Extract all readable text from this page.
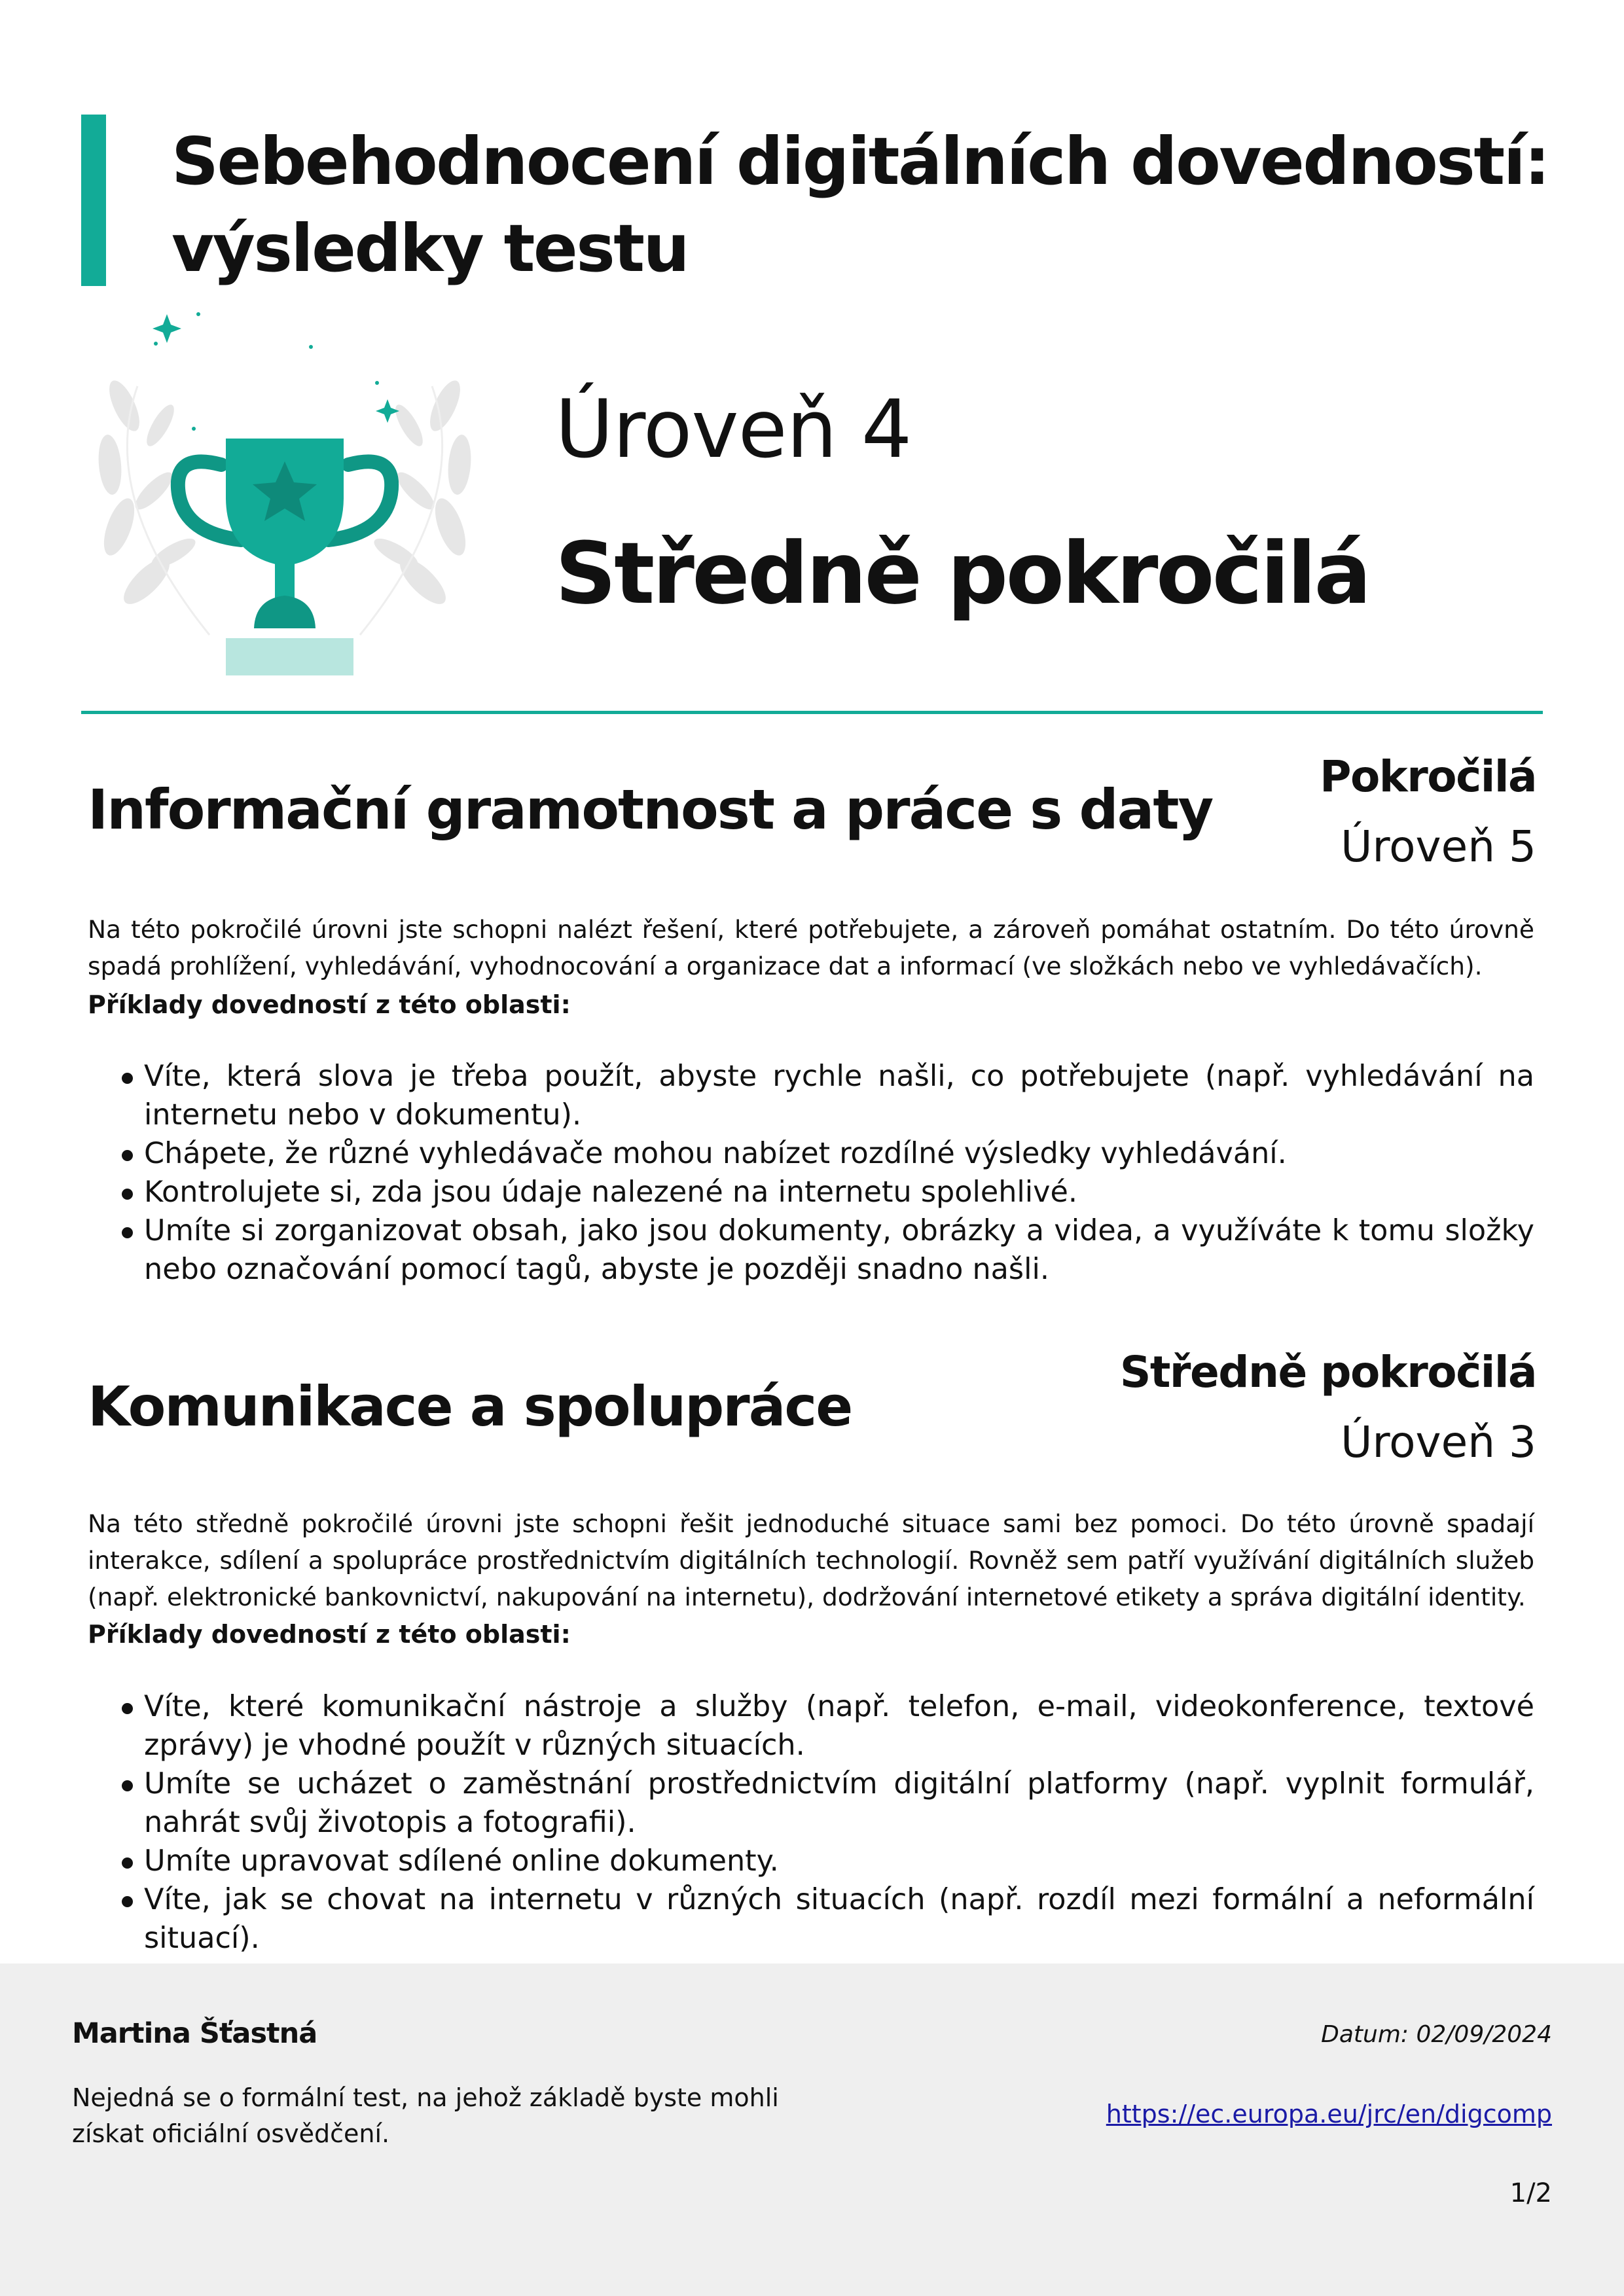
Sebehodnocení digitálních dovedností:
výsledky testu
Úroveň 4
Středně pokročilá
Informační gramotnost a práce s daty
Pokročilá
Úroveň 5

Na této pokročilé úrovni jste schopni nalézt řešení, které potřebujete, a zároveň pomáhat ostatním. Do této úrovně spadá prohlížení, vyhledávání, vyhodnocování a organizace dat a informací (ve složkách nebo ve vyhledávačích).

Příklady dovedností z této oblasti:

Víte, která slova je třeba použít, abyste rychle našli, co potřebujete (např. vyhledávání na internetu nebo v dokumentu).
Chápete, že různé vyhledávače mohou nabízet rozdílné výsledky vyhledávání.
Kontrolujete si, zda jsou údaje nalezené na internetu spolehlivé.
Umíte si zorganizovat obsah, jako jsou dokumenty, obrázky a videa, a využíváte k tomu složky nebo označování pomocí tagů, abyste je později snadno našli.
Komunikace a spolupráce
Středně pokročilá
Úroveň 3

Na této středně pokročilé úrovni jste schopni řešit jednoduché situace sami bez pomoci. Do této úrovně spadají interakce, sdílení a spolupráce prostřednictvím digitálních technologií. Rovněž sem patří využívání digitálních služeb (např. elektronické bankovnictví, nakupování na internetu), dodržování internetové etikety a správa digitální identity.

Příklady dovedností z této oblasti:

Víte, které komunikační nástroje a služby (např. telefon, e-mail, videokonference, textové zprávy) je vhodné použít v různých situacích.
Umíte se ucházet o zaměstnání prostřednictvím digitální platformy (např. vyplnit formulář, nahrát svůj životopis a fotografii).
Umíte upravovat sdílené online dokumenty.
Víte, jak se chovat na internetu v různých situacích (např. rozdíl mezi formální a neformální situací).
Martina Šťastná
Nejedná se o formální test, na jehož základě byste mohli získat oficiální osvědčení.
Datum: 02/09/2024
https://ec.europa.eu/jrc/en/digcomp
1/2
